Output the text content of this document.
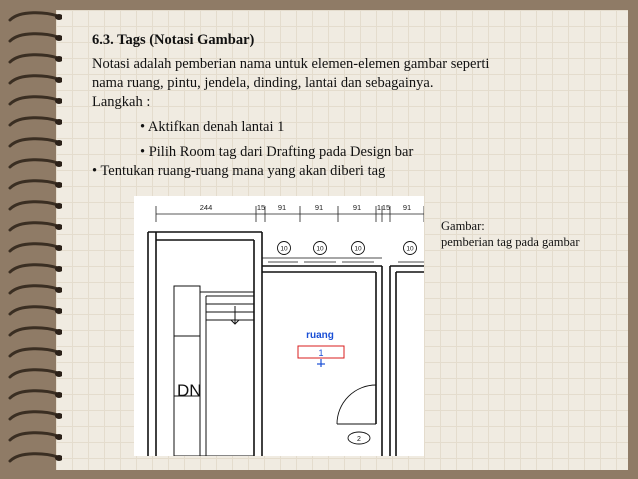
6.3. Tags (Notasi Gambar)

Notasi adalah pemberian nama untuk elemen-elemen gambar seperti
nama ruang, pintu, jendela, dinding, lantai dan sebagainya.

Langkah :

• Aktifkan denah lantai 1

• Pilih Room tag dari Drafting pada Design bar

• Tentukan ruang-ruang mana yang akan diberi tag

Gambar:
pemberian tag pada gambar
244	15 91	91	91 1 15 91
10	10	10	10
DN
ruang
1
2
